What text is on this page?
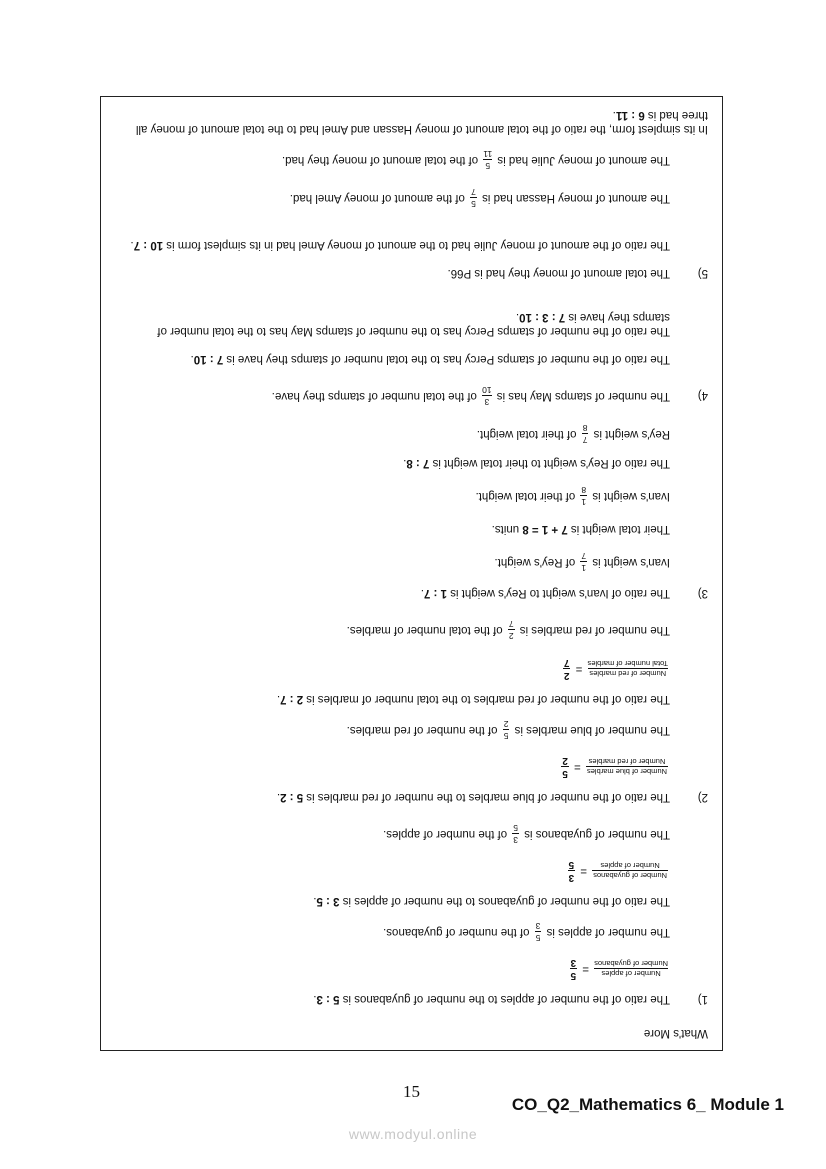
What's More
1)
The ratio of the number of apples to the number of guyabanos is 5 : 3.
Number of apples
Number of guyabanos
=
5
3
The number of apples is
5
3
of the number of guyabanos.
The ratio of the number of guyabanos to the number of apples is 3 : 5.
Number of guyabanos
Number of apples
=
3
5
The number of guyabanos is
3
5
of the number of apples.
2)
The ratio of the number of blue marbles to the number of red marbles is 5 : 2.
Number of blue marbles
Number of red marbles
=
5
2
The number of blue marbles is
5
2
of the number of red marbles.
The ratio of the number of red marbles to the total number of marbles is 2 : 7.
Number of red marbles
Total number of marbles
=
2
7
The number of red marbles is
2
7
of the total number of marbles.
3)
The ratio of Ivan's weight to Rey's weight is 1 : 7.
Ivan's weight is
1
7
of Rey's weight.
Their total weight is 7 + 1 = 8 units.
Ivan's weight is
1
8
of their total weight.
The ratio of Rey's weight to their total weight is 7 : 8.
Rey's weight is
7
8
of their total weight.
4)
The number of stamps May has is
3
10
of the total number of stamps they have.
The ratio of the number of stamps Percy has to the total number of stamps they have is 7 : 10.
The ratio of the number of stamps Percy has to the number of stamps May has to the total number of stamps they have is 7 : 3 : 10.
5)
The total amount of money they had is P66.
The ratio of the amount of money Julie had to the amount of money Amel had in its simplest form is 10 : 7.
The amount of money Hassan had is
5
7
of the amount of money Amel had.
The amount of money Julie had is
5
11
of the total amount of money they had.
In its simplest form, the ratio of the total amount of money Hassan and Amel had to the total amount of money all three had is 6 : 11.
15
CO_Q2_Mathematics 6_ Module 1
www.modyul.online
